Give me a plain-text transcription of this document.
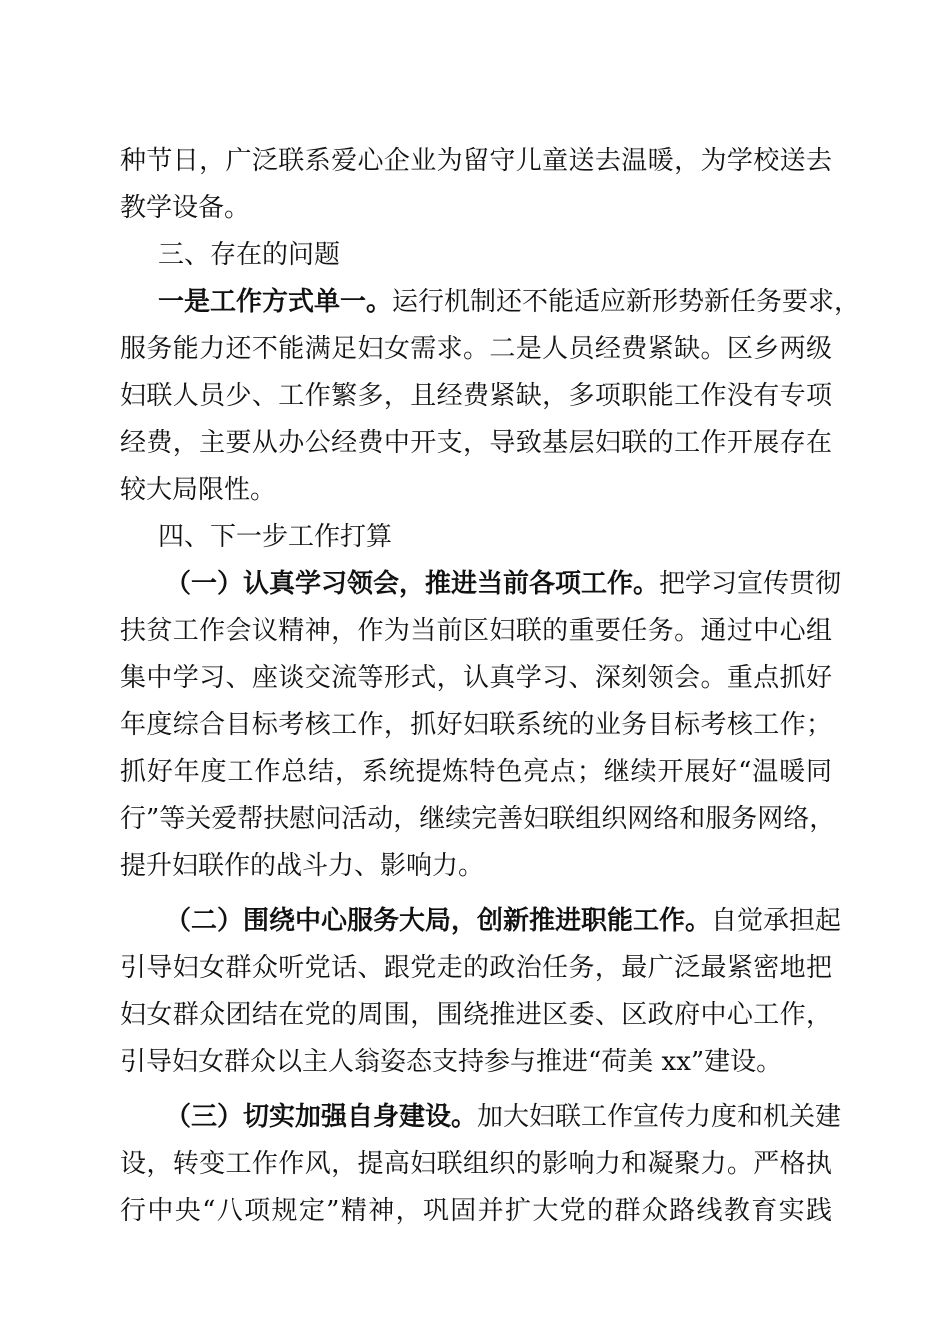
种节日，广泛联系爱心企业为留守儿童送去温暖，为学校送去
教学设备。
三、存在的问题
一是工作方式单一。运行机制还不能适应新形势新任务要求，
服务能力还不能满足妇女需求。二是人员经费紧缺。区乡两级
妇联人员少、工作繁多，且经费紧缺，多项职能工作没有专项
经费，主要从办公经费中开支，导致基层妇联的工作开展存在
较大局限性。
四、下一步工作打算
（一）认真学习领会，推进当前各项工作。把学习宣传贯彻
扶贫工作会议精神，作为当前区妇联的重要任务。通过中心组
集中学习、座谈交流等形式，认真学习、深刻领会。重点抓好
年度综合目标考核工作，抓好妇联系统的业务目标考核工作；
抓好年度工作总结，系统提炼特色亮点；继续开展好“温暖同
行”等关爱帮扶慰问活动，继续完善妇联组织网络和服务网络，
提升妇联作的战斗力、影响力。
（二）围绕中心服务大局，创新推进职能工作。自觉承担起
引导妇女群众听党话、跟党走的政治任务，最广泛最紧密地把
妇女群众团结在党的周围，围绕推进区委、区政府中心工作，
引导妇女群众以主人翁姿态支持参与推进“荷美 xx”建设。
（三）切实加强自身建设。加大妇联工作宣传力度和机关建
设，转变工作作风，提高妇联组织的影响力和凝聚力。严格执
行中央“八项规定”精神，巩固并扩大党的群众路线教育实践
